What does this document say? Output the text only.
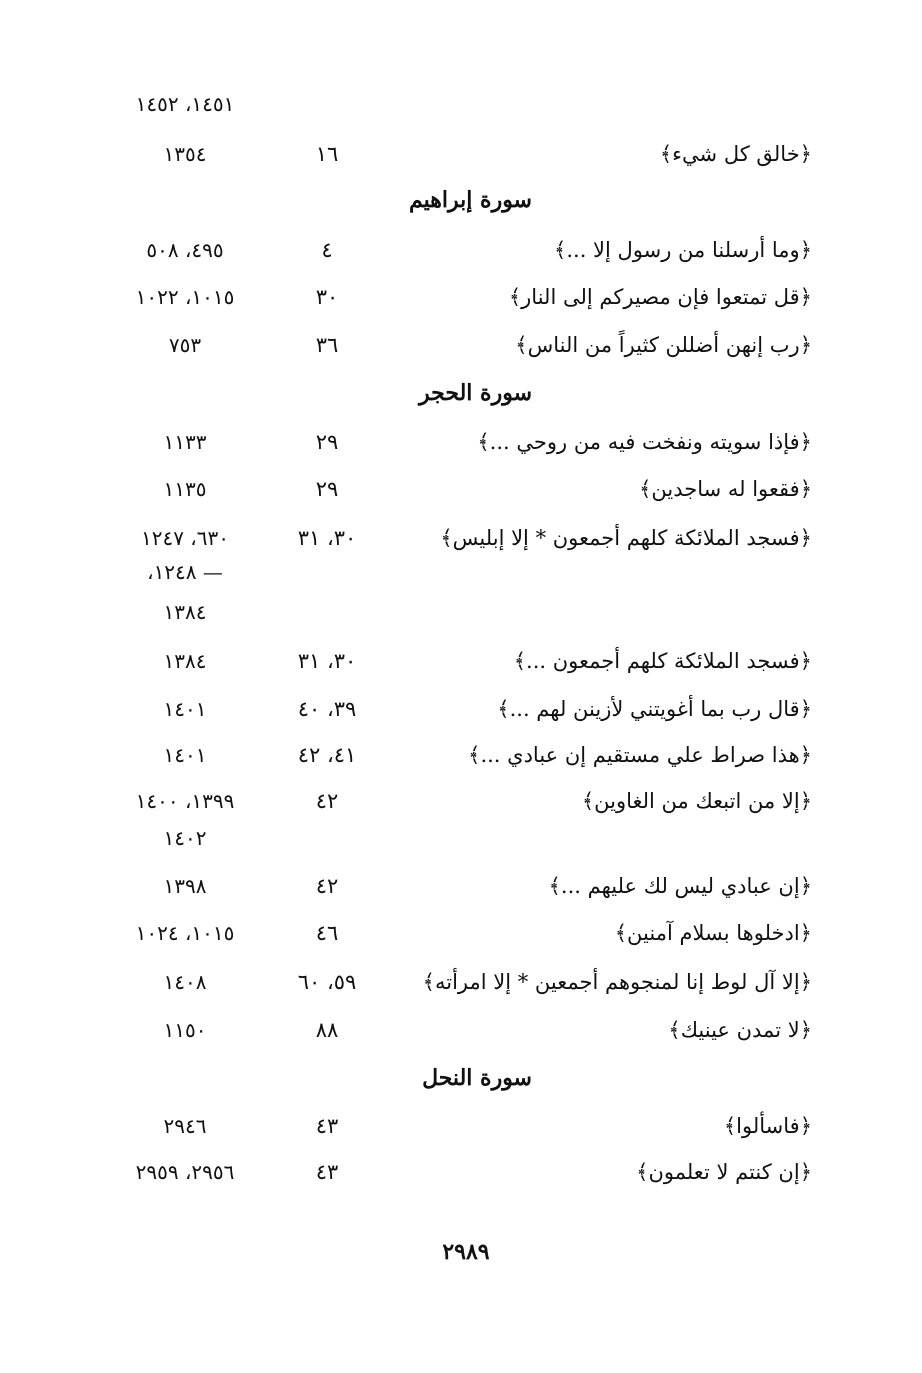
١٤٥١، ١٤٥٢
﴿خالق كل شيء﴾
١٦
١٣٥٤
سورة إبراهيم
﴿وما أرسلنا من رسول إلا ...﴾
٤
٤٩٥، ٥٠٨
﴿قل تمتعوا فإن مصيركم إلى النار﴾
٣٠
١٠١٥، ١٠٢٢
﴿رب إنهن أضللن كثيراً من الناس﴾
٣٦
٧٥٣
سورة الحجر
﴿فإذا سويته ونفخت فيه من روحي ...﴾
٢٩
١١٣٣
﴿فقعوا له ساجدين﴾
٢٩
١١٣٥
﴿فسجد الملائكة كلهم أجمعون * إلا إبليس﴾
٣٠، ٣١
٦٣٠، ١٢٤٧
— ١٢٤٨،
١٣٨٤
﴿فسجد الملائكة كلهم أجمعون ...﴾
٣٠، ٣١
١٣٨٤
﴿قال رب بما أغويتني لأزينن لهم ...﴾
٣٩، ٤٠
١٤٠١
﴿هذا صراط علي مستقيم إن عبادي ...﴾
٤١، ٤٢
١٤٠١
﴿إلا من اتبعك من الغاوين﴾
٤٢
١٣٩٩، ١٤٠٠
١٤٠٢
﴿إن عبادي ليس لك عليهم ...﴾
٤٢
١٣٩٨
﴿ادخلوها بسلام آمنين﴾
٤٦
١٠١٥، ١٠٢٤
﴿إلا آل لوط إنا لمنجوهم أجمعين * إلا امرأته﴾
٥٩، ٦٠
١٤٠٨
﴿لا تمدن عينيك﴾
٨٨
١١٥٠
سورة النحل
﴿فاسألوا﴾
٤٣
٢٩٤٦
﴿إن كنتم لا تعلمون﴾
٤٣
٢٩٥٦، ٢٩٥٩
٢٩٨٩
